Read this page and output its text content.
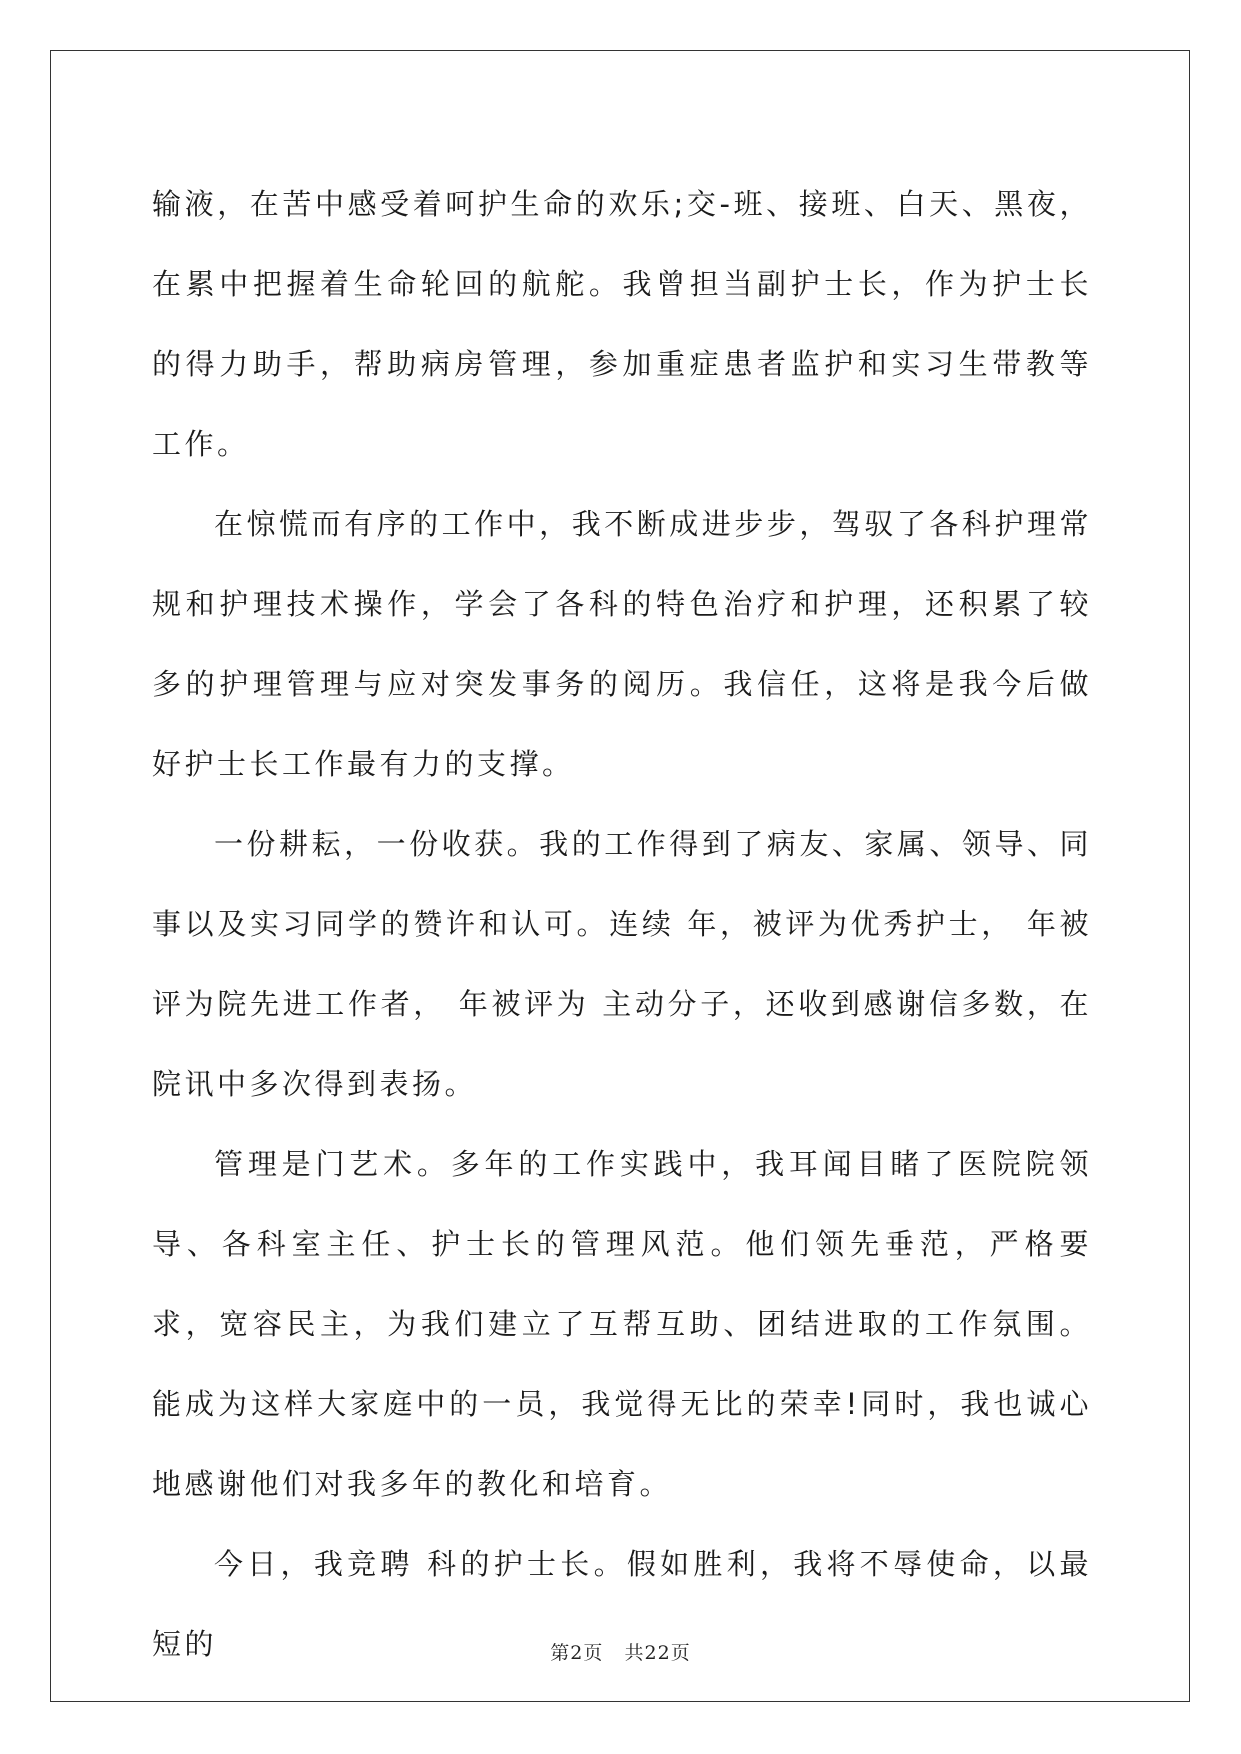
输液，在苦中感受着呵护生命的欢乐;交-班、接班、白天、黑夜，在累中把握着生命轮回的航舵。我曾担当副护士长，作为护士长的得力助手，帮助病房管理，参加重症患者监护和实习生带教等工作。

在惊慌而有序的工作中，我不断成进步步，驾驭了各科护理常规和护理技术操作，学会了各科的特色治疗和护理，还积累了较多的护理管理与应对突发事务的阅历。我信任，这将是我今后做好护士长工作最有力的支撑。

一份耕耘，一份收获。我的工作得到了病友、家属、领导、同事以及实习同学的赞许和认可。连续 年，被评为优秀护士， 年被评为院先进工作者， 年被评为 主动分子，还收到感谢信多数，在院讯中多次得到表扬。

管理是门艺术。多年的工作实践中，我耳闻目睹了医院院领导、各科室主任、护士长的管理风范。他们领先垂范，严格要求，宽容民主，为我们建立了互帮互助、团结进取的工作氛围。能成为这样大家庭中的一员，我觉得无比的荣幸!同时，我也诚心地感谢他们对我多年的教化和培育。

今日，我竞聘 科的护士长。假如胜利，我将不辱使命，以最短的	第2页 共22页
